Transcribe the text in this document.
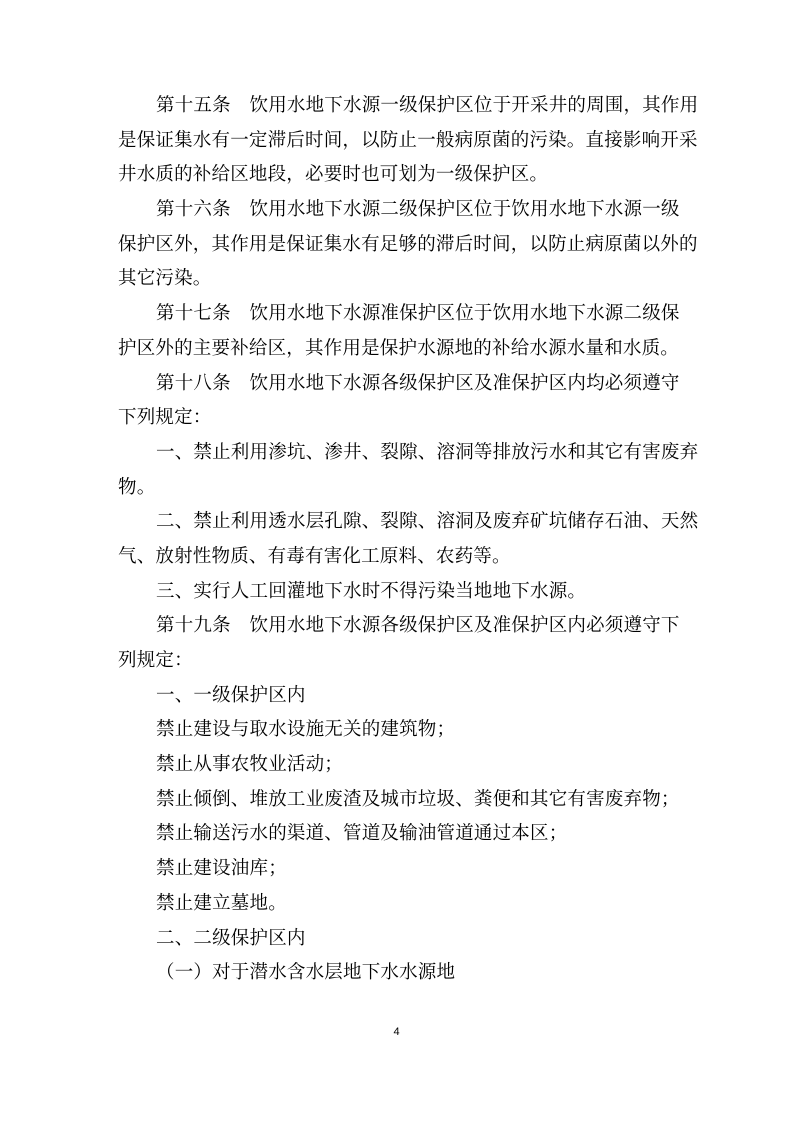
第十五条　饮用水地下水源一级保护区位于开采井的周围，其作用
是保证集水有一定滞后时间，以防止一般病原菌的污染。直接影响开采
井水质的补给区地段，必要时也可划为一级保护区。
第十六条　饮用水地下水源二级保护区位于饮用水地下水源一级
保护区外，其作用是保证集水有足够的滞后时间，以防止病原菌以外的
其它污染。
第十七条　饮用水地下水源准保护区位于饮用水地下水源二级保
护区外的主要补给区，其作用是保护水源地的补给水源水量和水质。
第十八条　饮用水地下水源各级保护区及准保护区内均必须遵守
下列规定：
一、禁止利用渗坑、渗井、裂隙、溶洞等排放污水和其它有害废弃
物。
二、禁止利用透水层孔隙、裂隙、溶洞及废弃矿坑储存石油、天然
气、放射性物质、有毒有害化工原料、农药等。
三、实行人工回灌地下水时不得污染当地地下水源。
第十九条　饮用水地下水源各级保护区及准保护区内必须遵守下
列规定：
一、一级保护区内
禁止建设与取水设施无关的建筑物；
禁止从事农牧业活动；
禁止倾倒、堆放工业废渣及城市垃圾、粪便和其它有害废弃物；
禁止输送污水的渠道、管道及输油管道通过本区；
禁止建设油库；
禁止建立墓地。
二、二级保护区内
（一）对于潜水含水层地下水水源地
4
